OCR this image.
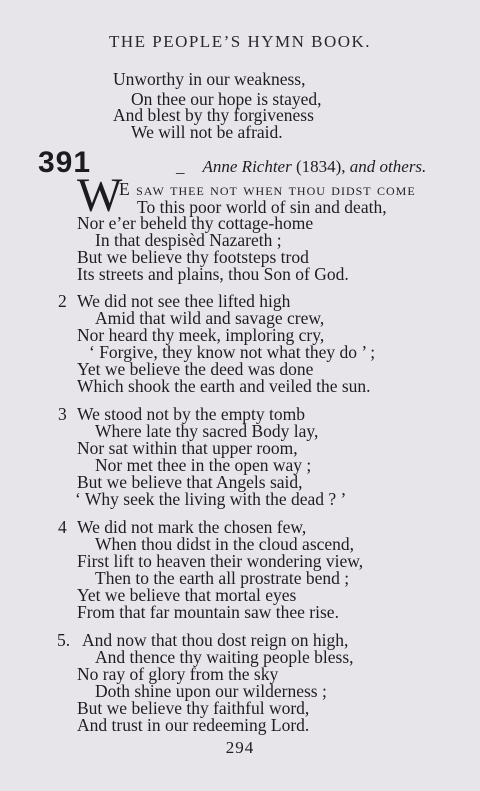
THE PEOPLE’S HYMN BOOK.
Unworthy in our weakness,
On thee our hope is stayed,
And blest by thy forgiveness
We will not be afraid.
391	_ Anne Richter (1834), and others.
W
E saw thee not when thou didst come
To this poor world of sin and death,
Nor e’er beheld thy cottage-home
In that despisèd Nazareth ;
But we believe thy footsteps trod
Its streets and plains, thou Son of God.
2 We did not see thee lifted high
Amid that wild and savage crew,
Nor heard thy meek, imploring cry,
‘ Forgive, they know not what they do ’ ;
Yet we believe the deed was done
Which shook the earth and veiled the sun.
3 We stood not by the empty tomb
Where late thy sacred Body lay,
Nor sat within that upper room,
Nor met thee in the open way ;
But we believe that Angels said,
‘ Why seek the living with the dead ? ’
4 We did not mark the chosen few,
When thou didst in the cloud ascend,
First lift to heaven their wondering view,
Then to the earth all prostrate bend ;
Yet we believe that mortal eyes
From that far mountain saw thee rise.
5. And now that thou dost reign on high,
And thence thy waiting people bless,
No ray of glory from the sky
Doth shine upon our wilderness ;
But we believe thy faithful word,
And trust in our redeeming Lord.
294
